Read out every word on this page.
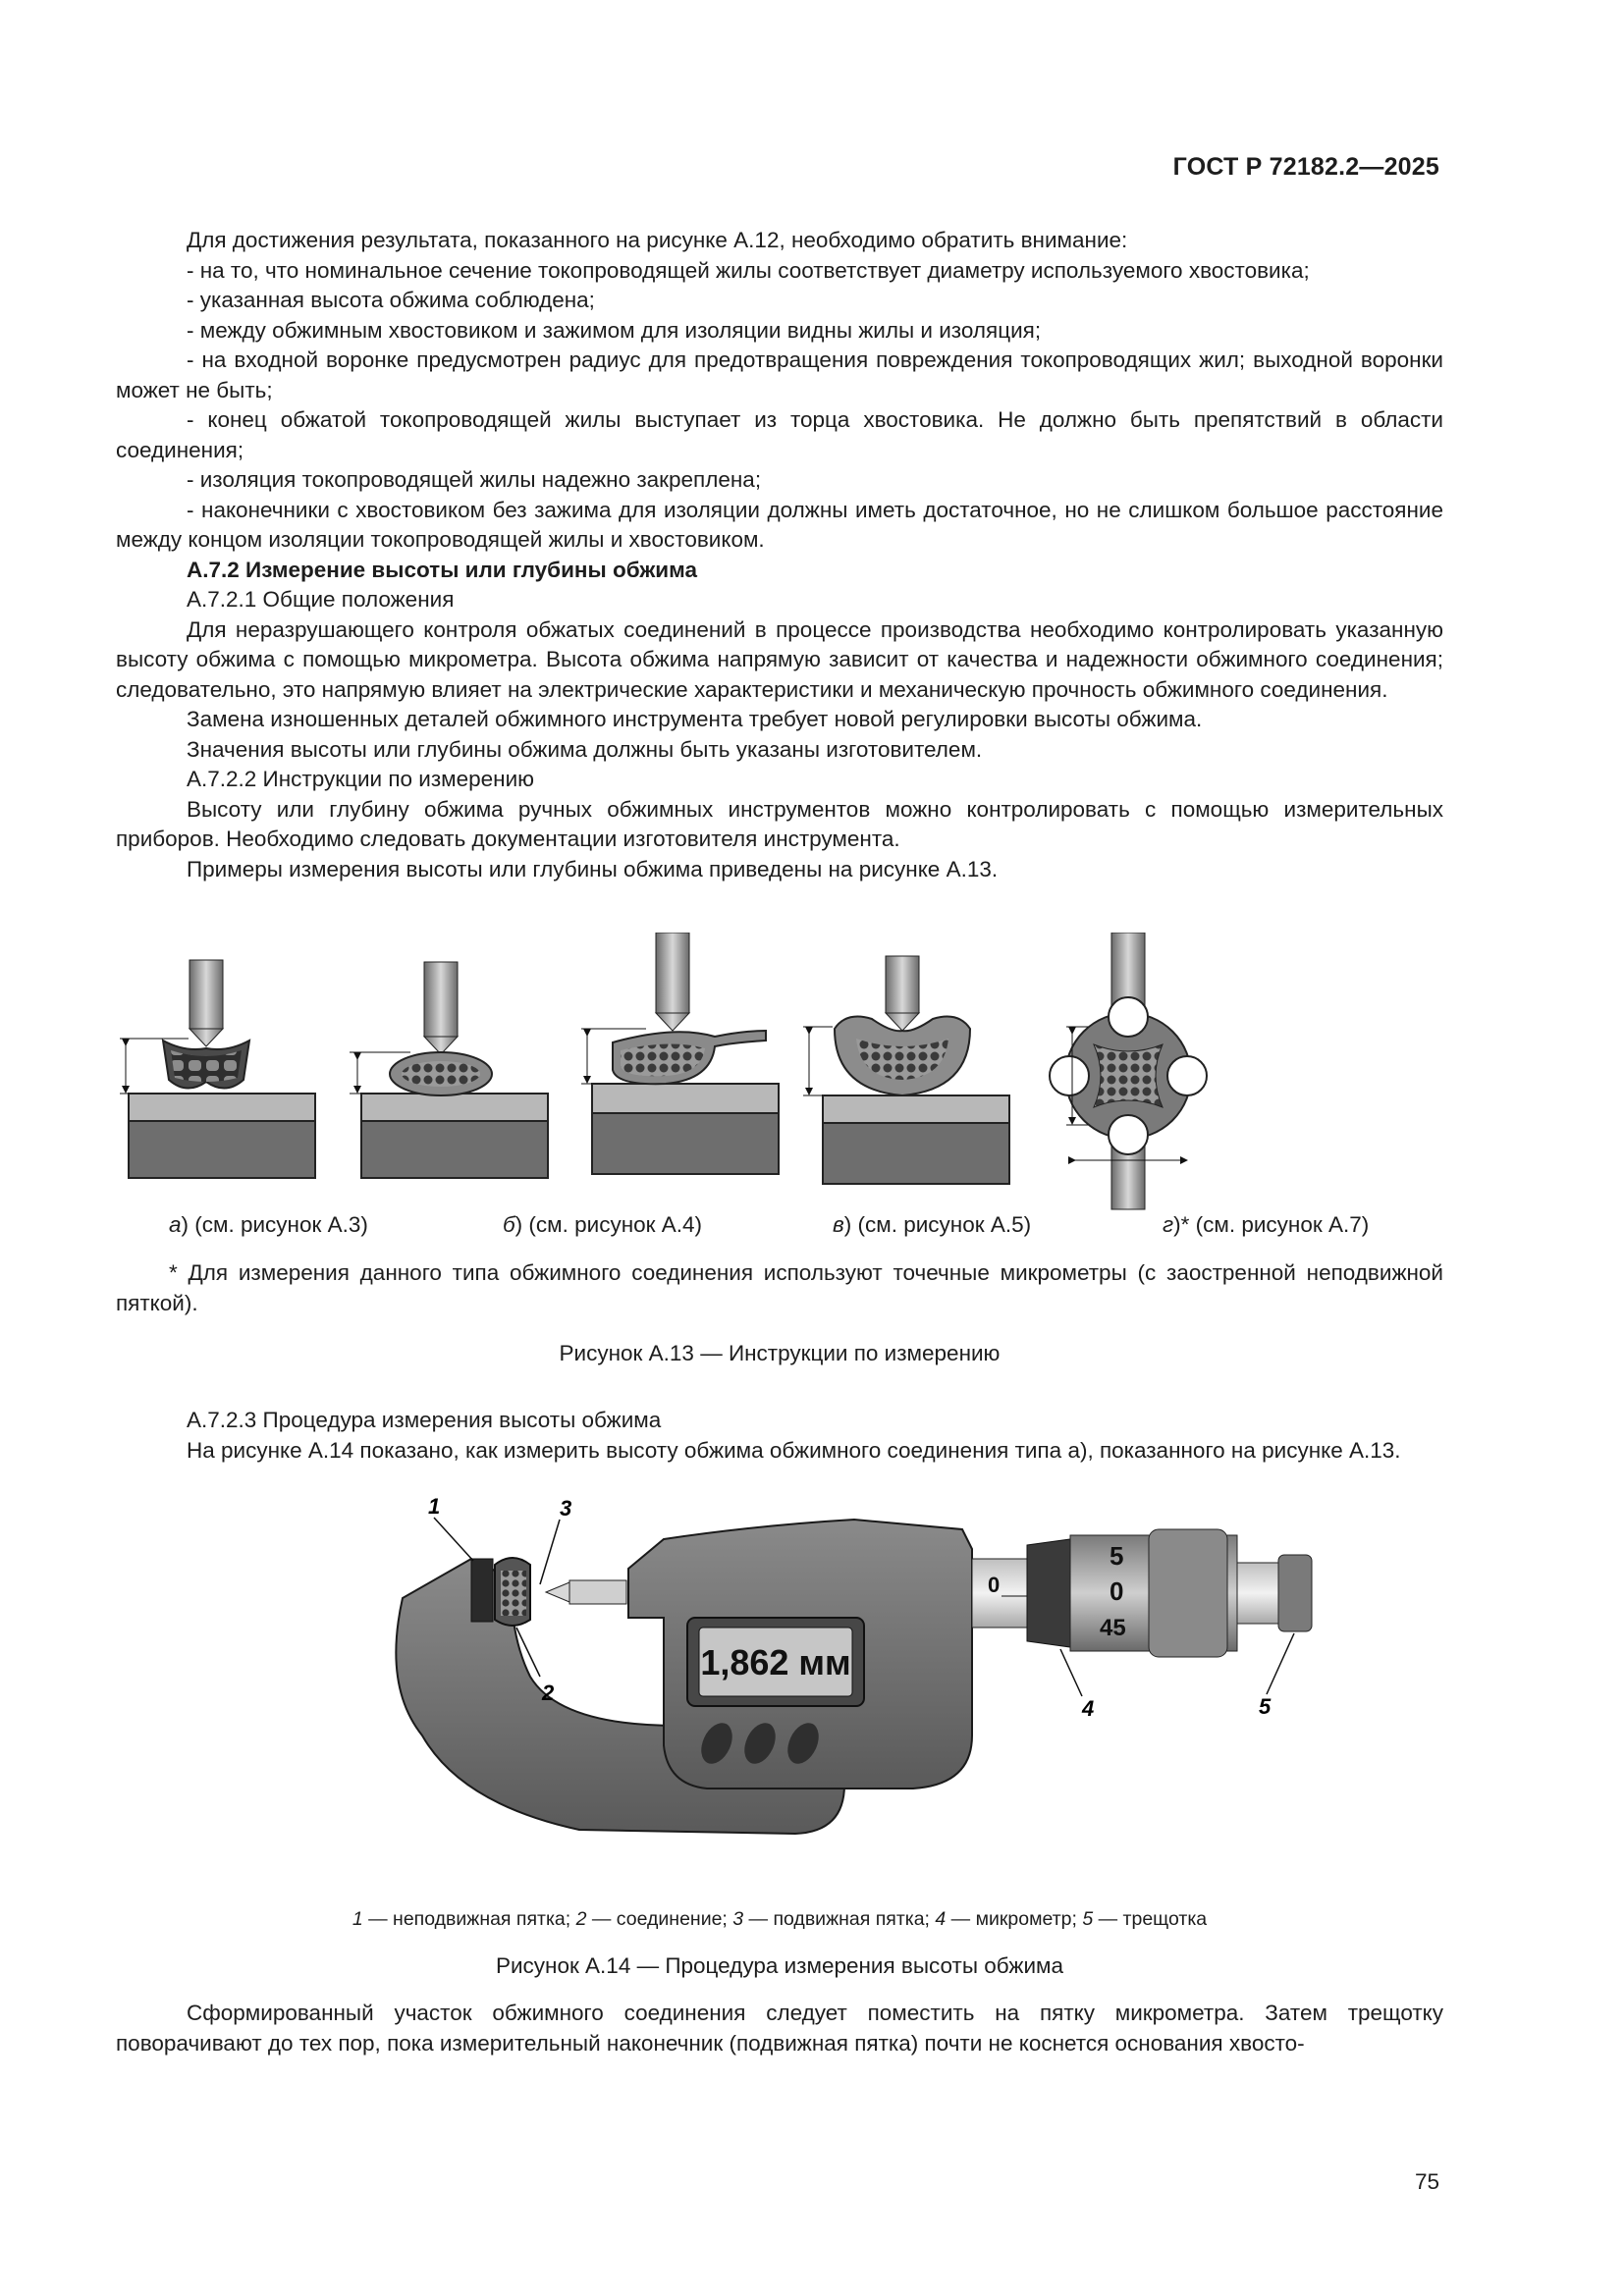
ГОСТ Р 72182.2—2025

Для достижения результата, показанного на рисунке А.12, необходимо обратить внимание:

- на то, что номинальное сечение токопроводящей жилы соответствует диаметру используемого хвостовика;

- указанная высота обжима соблюдена;

- между обжимным хвостовиком и зажимом для изоляции видны жилы и изоляция;

- на входной воронке предусмотрен радиус для предотвращения повреждения токопроводящих жил; выходной воронки может не быть;

- конец обжатой токопроводящей жилы выступает из торца хвостовика. Не должно быть препятствий в области соединения;

- изоляция токопроводящей жилы надежно закреплена;

- наконечники с хвостовиком без зажима для изоляции должны иметь достаточное, но не слишком большое расстояние между концом изоляции токопроводящей жилы и хвостовиком.

А.7.2 Измерение высоты или глубины обжима

А.7.2.1 Общие положения

Для неразрушающего контроля обжатых соединений в процессе производства необходимо контролировать указанную высоту обжима с помощью микрометра. Высота обжима напрямую зависит от качества и надежности обжимного соединения; следовательно, это напрямую влияет на электрические характеристики и механическую прочность обжимного соединения.

Замена изношенных деталей обжимного инструмента требует новой регулировки высоты обжима.

Значения высоты или глубины обжима должны быть указаны изготовителем.

А.7.2.2 Инструкции по измерению

Высоту или глубину обжима ручных обжимных инструментов можно контролировать с помощью измерительных приборов. Необходимо следовать документации изготовителя инструмента.

Примеры измерения высоты или глубины обжима приведены на рисунке А.13.

а) (см. рисунок А.3)	б) (см. рисунок А.4)	в) (см. рисунок А.5)	г)* (см. рисунок А.7)

* Для измерения данного типа обжимного соединения используют точечные микрометры (с заостренной неподвижной пяткой).

Рисунок А.13 — Инструкции по измерению

А.7.2.3 Процедура измерения высоты обжима

На рисунке А.14 показано, как измерить высоту обжима обжимного соединения типа а), показанного на рисунке А.13.

1,862 мм
0
5
0
45
1	3
2
4	5
1 — неподвижная пятка; 2 — соединение; 3 — подвижная пятка; 4 — микрометр; 5 — трещотка
Рисунок А.14 — Процедура измерения высоты обжима

Сформированный участок обжимного соединения следует поместить на пятку микрометра. Затем трещотку поворачивают до тех пор, пока измерительный наконечник (подвижная пятка) почти не коснется основания хвосто-

75
